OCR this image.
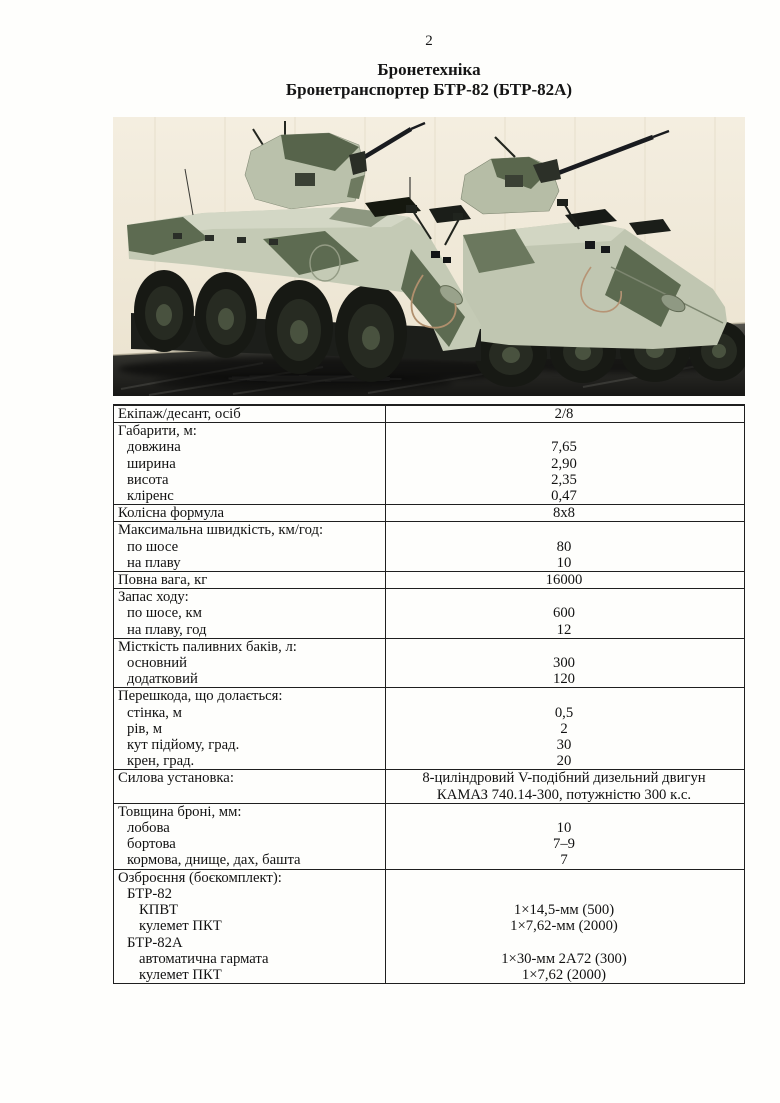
2
Бронетехніка
Бронетранспортер БТР-82 (БТР-82А)
Екіпаж/десант, осіб	2/8
Габарити, м:	
довжина	7,65
ширина	2,90
висота	2,35
кліренс	0,47
Колісна формула	8х8
Максимальна швидкість, км/год:	
по шосе	80
на плаву	10
Повна вага, кг	16000
Запас ходу:	
по шосе, км	600
на плаву, год	12
Місткість паливних баків, л:	
основний	300
додатковий	120
Перешкода, що долається:	
стінка, м	0,5
рів, м	2
кут підйому, град.	30
крен, град.	20
Силова установка:	8-циліндровий V-подібний дизельний двигун
	КАМАЗ 740.14-300, потужністю 300 к.с.
Товщина броні, мм:	
лобова	10
бортова	7–9
кормова, днище, дах, башта	7
Озброєння (боєкомплект):	
БТР-82	
КПВТ	1×14,5-мм (500)
кулемет ПКТ	1×7,62-мм (2000)
БТР-82А	
автоматична гармата	1×30-мм 2А72 (300)
кулемет ПКТ	1×7,62 (2000)
